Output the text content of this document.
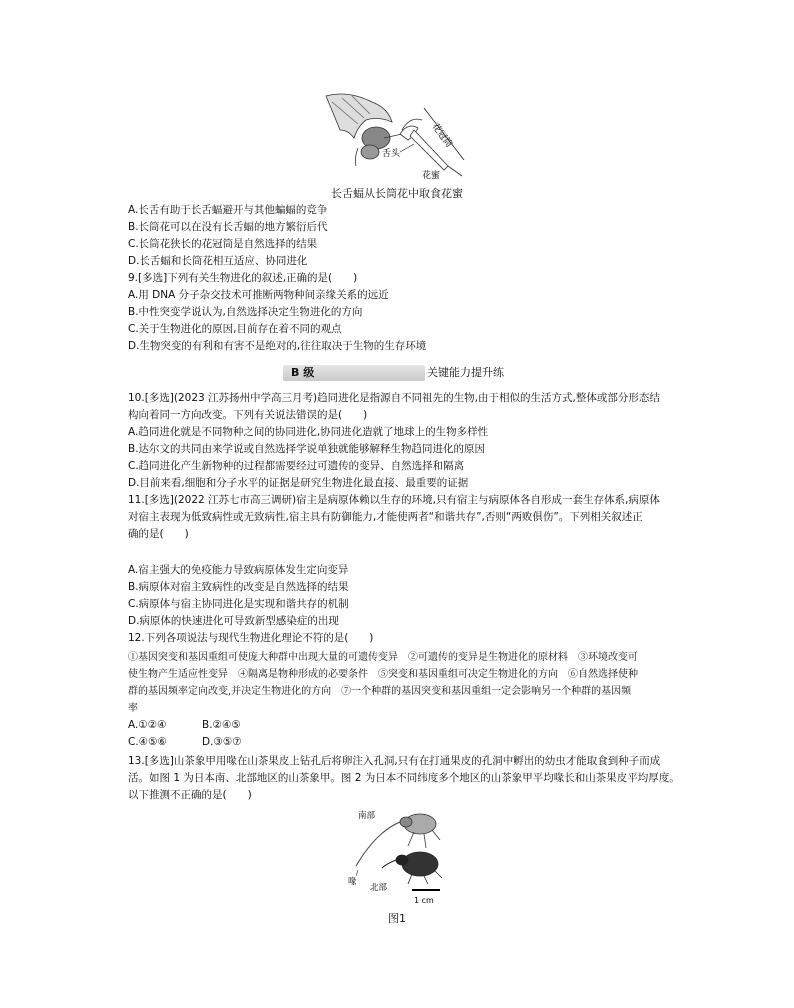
花冠筒
舌头
花蜜
长舌蝠从长筒花中取食花蜜
A.长舌有助于长舌蝠避开与其他蝙蝠的竞争
B.长筒花可以在没有长舌蝠的地方繁衍后代
C.长筒花狭长的花冠筒是自然选择的结果
D.长舌蝠和长筒花相互适应、协同进化
9.[多选]下列有关生物进化的叙述,正确的是(　　)
A.用 DNA 分子杂交技术可推断两物种间亲缘关系的远近
B.中性突变学说认为,自然选择决定生物进化的方向
C.关于生物进化的原因,目前存在着不同的观点
D.生物突变的有利和有害不是绝对的,往往取决于生物的生存环境
B 级	关键能力提升练
10.[多选](2023 江苏扬州中学高三月考)趋同进化是指源自不同祖先的生物,由于相似的生活方式,整体或部分形态结
构向着同一方向改变。下列有关说法错误的是(　　)
A.趋同进化就是不同物种之间的协同进化,协同进化造就了地球上的生物多样性
B.达尔文的共同由来学说或自然选择学说单独就能够解释生物趋同进化的原因
C.趋同进化产生新物种的过程都需要经过可遗传的变异、自然选择和隔离
D.目前来看,细胞和分子水平的证据是研究生物进化最直接、最重要的证据
11.[多选](2022 江苏七市高三调研)宿主是病原体赖以生存的环境,只有宿主与病原体各自形成一套生存体系,病原体
对宿主表现为低致病性或无致病性,宿主具有防御能力,才能使两者“和谐共存”,否则“两败俱伤”。下列相关叙述正
确的是(　　)
A.宿主强大的免疫能力导致病原体发生定向变异
B.病原体对宿主致病性的改变是自然选择的结果
C.病原体与宿主协同进化是实现和谐共存的机制
D.病原体的快速进化可导致新型感染症的出现
12.下列各项说法与现代生物进化理论不符的是(　　)
①基因突变和基因重组可使庞大种群中出现大量的可遗传变异　②可遗传的变异是生物进化的原材料　③环境改变可
使生物产生适应性变异　④隔离是物种形成的必要条件　⑤突变和基因重组可决定生物进化的方向　⑥自然选择使种
群的基因频率定向改变,并决定生物进化的方向　⑦一个种群的基因突变和基因重组一定会影响另一个种群的基因频
率
A.①②④	B.②④⑤
C.④⑤⑥	D.③⑤⑦
13.[多选]山茶象甲用喙在山茶果皮上钻孔后将卵注入孔洞,只有在打通果皮的孔洞中孵出的幼虫才能取食到种子而成
活。如图 1 为日本南、北部地区的山茶象甲。图 2 为日本不同纬度多个地区的山茶象甲平均喙长和山茶果皮平均厚度。
以下推测不正确的是(　　)
南部
喙
北部
1 cm
图1
